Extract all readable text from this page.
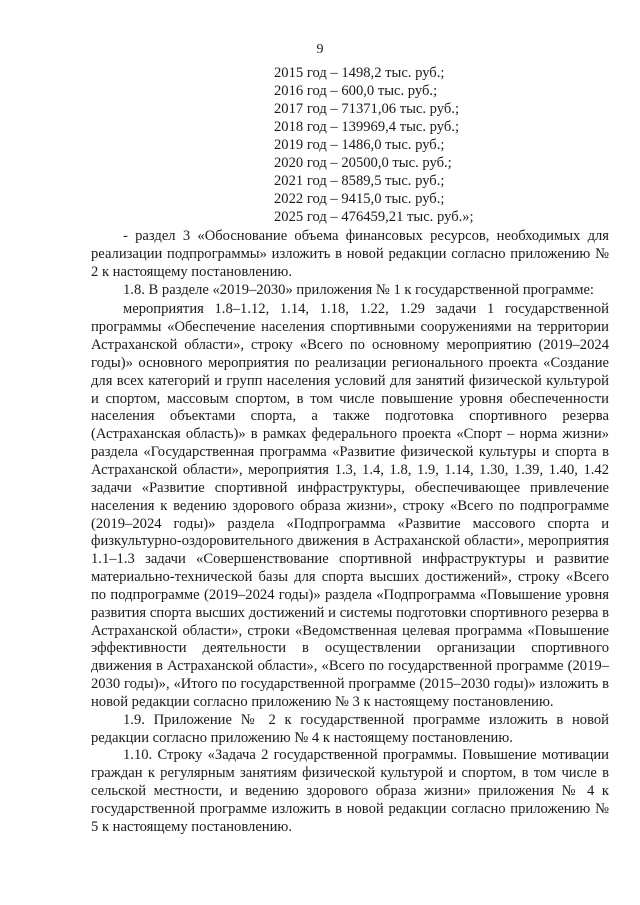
9
2015 год – 1498,2 тыс. руб.;
2016 год – 600,0 тыс. руб.;
2017 год – 71371,06 тыс. руб.;
2018 год – 139969,4 тыс. руб.;
2019 год – 1486,0 тыс. руб.;
2020 год – 20500,0 тыс. руб.;
2021 год – 8589,5 тыс. руб.;
2022 год – 9415,0 тыс. руб.;
2025 год – 476459,21 тыс. руб.»;

- раздел 3 «Обоснование объема финансовых ресурсов, необходимых для реализации подпрограммы» изложить в новой редакции согласно приложению № 2 к настоящему постановлению.

1.8. В разделе «2019–2030» приложения № 1 к государственной программе:

мероприятия 1.8–1.12, 1.14, 1.18, 1.22, 1.29 задачи 1 государственной программы «Обеспечение населения спортивными сооружениями на территории Астраханской области», строку «Всего по основному мероприятию (2019–2024 годы)» основного мероприятия по реализации регионального проекта «Создание для всех категорий и групп населения условий для занятий физической культурой и спортом, массовым спортом, в том числе повышение уровня обеспеченности населения объектами спорта, а также подготовка спортивного резерва (Астраханская область)» в рамках федерального проекта «Спорт – норма жизни» раздела «Государственная программа «Развитие физической культуры и спорта в Астраханской области», мероприятия 1.3, 1.4, 1.8, 1.9, 1.14, 1.30, 1.39, 1.40, 1.42 задачи «Развитие спортивной инфраструктуры, обеспечивающее привлечение населения к ведению здорового образа жизни», строку «Всего по подпрограмме (2019–2024 годы)» раздела «Подпрограмма «Развитие массового спорта и физкультурно-оздоровительного движения в Астраханской области», мероприятия 1.1–1.3 задачи «Совершенствование спортивной инфраструктуры и развитие материально-технической базы для спорта высших достижений», строку «Всего по подпрограмме (2019–2024 годы)» раздела «Подпрограмма «Повышение уровня развития спорта высших достижений и системы подготовки спортивного резерва в Астраханской области», строки «Ведомственная целевая программа «Повышение эффективности деятельности в осуществлении организации спортивного движения в Астраханской области», «Всего по государственной программе (2019–2030 годы)», «Итого по государственной программе (2015–2030 годы)» изложить в новой редакции согласно приложению № 3 к настоящему постановлению.

1.9. Приложение № 2 к государственной программе изложить в новой редакции согласно приложению № 4 к настоящему постановлению.

1.10. Строку «Задача 2 государственной программы. Повышение мотивации граждан к регулярным занятиям физической культурой и спортом, в том числе в сельской местности, и ведению здорового образа жизни» приложения № 4 к государственной программе изложить в новой редакции согласно приложению № 5 к настоящему постановлению.
